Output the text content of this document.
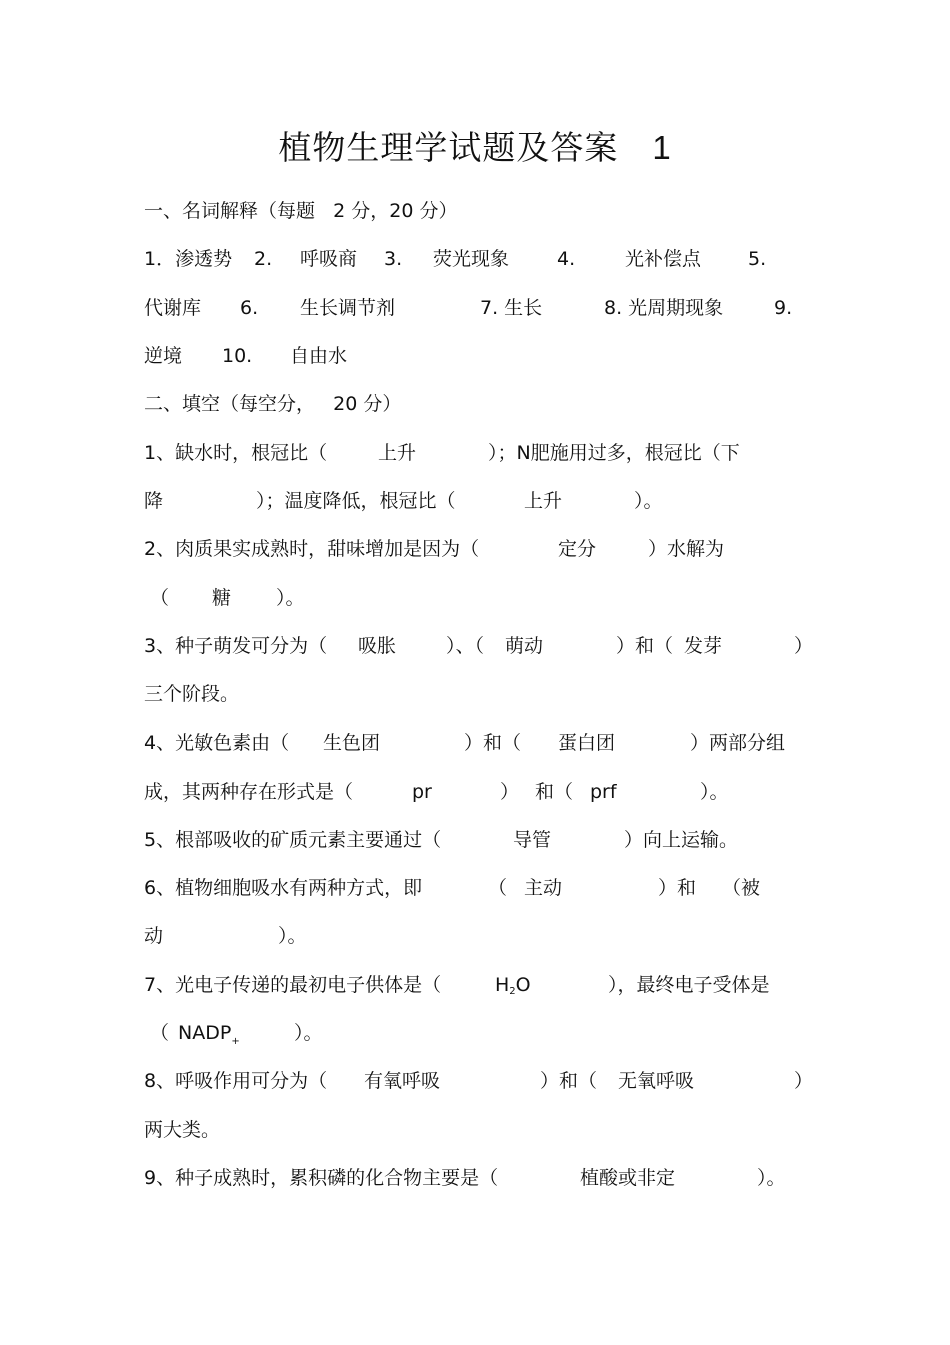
植物生理学试题及答案 1
一、名词解释（每题   2 分，20 分）
1．渗透势 2. 呼吸商 3. 荧光现象	4.	光补偿点 5.
代谢库 6. 生长调节剂	7. 生长	8. 光周期现象	9.
逆境 10. 自由水
二、填空（每空分，   20 分）
1、缺水时，根冠比（	上升	）；N肥施用过多，根冠比（下
降	）；温度降低，根冠比（	上升	）。
2、肉质果实成熟时，甜味增加是因为（	定分	）水解为
（ 糖 ）。
3、种子萌发可分为（ 吸胀	）、（ 萌动	）和（ 发芽	）
三个阶段。
4、光敏色素由（ 生色团	）和（ 蛋白团	）两部分组
成，其两种存在形式是（	pr	） 和（ prf	）。
5、根部吸收的矿质元素主要通过（	导管	）向上运输。
6、植物细胞吸水有两种方式，即	（ 主动	）和 （被
动	）。
7、光电子传递的最初电子供体是（	$H_2O$	），最终电子受体是
（ $NADP_+$	）。
8、呼吸作用可分为（ 有氧呼吸	）和（ 无氧呼吸	）
两大类。
9、种子成熟时，累积磷的化合物主要是（	植酸或非定	）。
